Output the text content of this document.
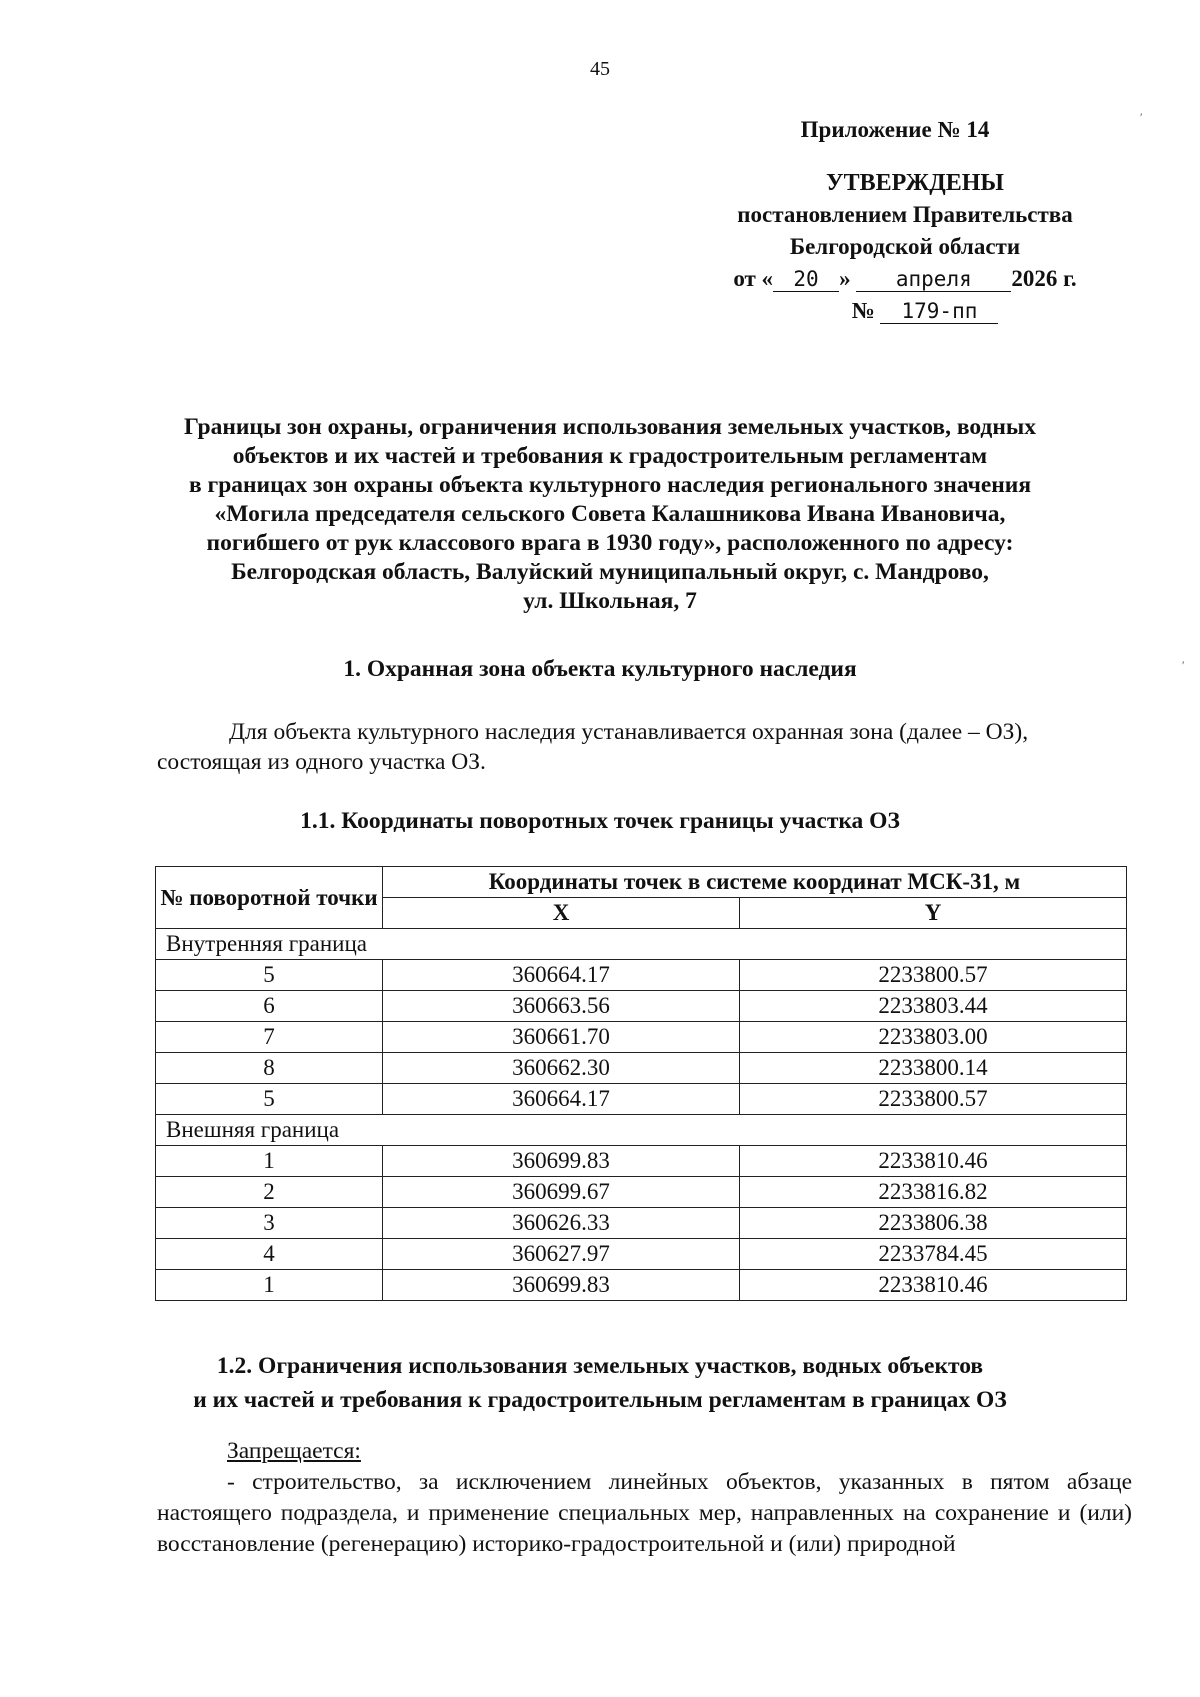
45
Приложение № 14
УТВЕРЖДЕНЫ
постановлением Правительства
Белгородской области
от « 20 » апреля 2026 г.
№ 179-пп
Границы зон охраны, ограничения использования земельных участков, водных
объектов и их частей и требования к градостроительным регламентам
в границах зон охраны объекта культурного наследия регионального значения
«Могила председателя сельского Совета Калашникова Ивана Ивановича,
погибшего от рук классового врага в 1930 году», расположенного по адресу:
Белгородская область, Валуйский муниципальный округ, с. Мандрово,
ул. Школьная, 7
1. Охранная зона объекта культурного наследия
Для объекта культурного наследия устанавливается охранная зона (далее – ОЗ),
состоящая из одного участка ОЗ.
1.1. Координаты поворотных точек границы участка ОЗ
№ поворотной точки	Координаты точек в системе координат МСК-31, м	
	X	Y
Внутренняя граница		
5	360664.17	2233800.57
6	360663.56	2233803.44
7	360661.70	2233803.00
8	360662.30	2233800.14
5	360664.17	2233800.57
Внешняя граница		
1	360699.83	2233810.46
2	360699.67	2233816.82
3	360626.33	2233806.38
4	360627.97	2233784.45
1	360699.83	2233810.46
1.2. Ограничения использования земельных участков, водных объектов
и их частей и требования к градостроительным регламентам в границах ОЗ
Запрещается:
- строительство, за исключением линейных объектов, указанных в пятом абзаце настоящего подраздела, и применение специальных мер, направленных на сохранение и (или) восстановление (регенерацию) историко-градостроительной и (или) природной
′
′
